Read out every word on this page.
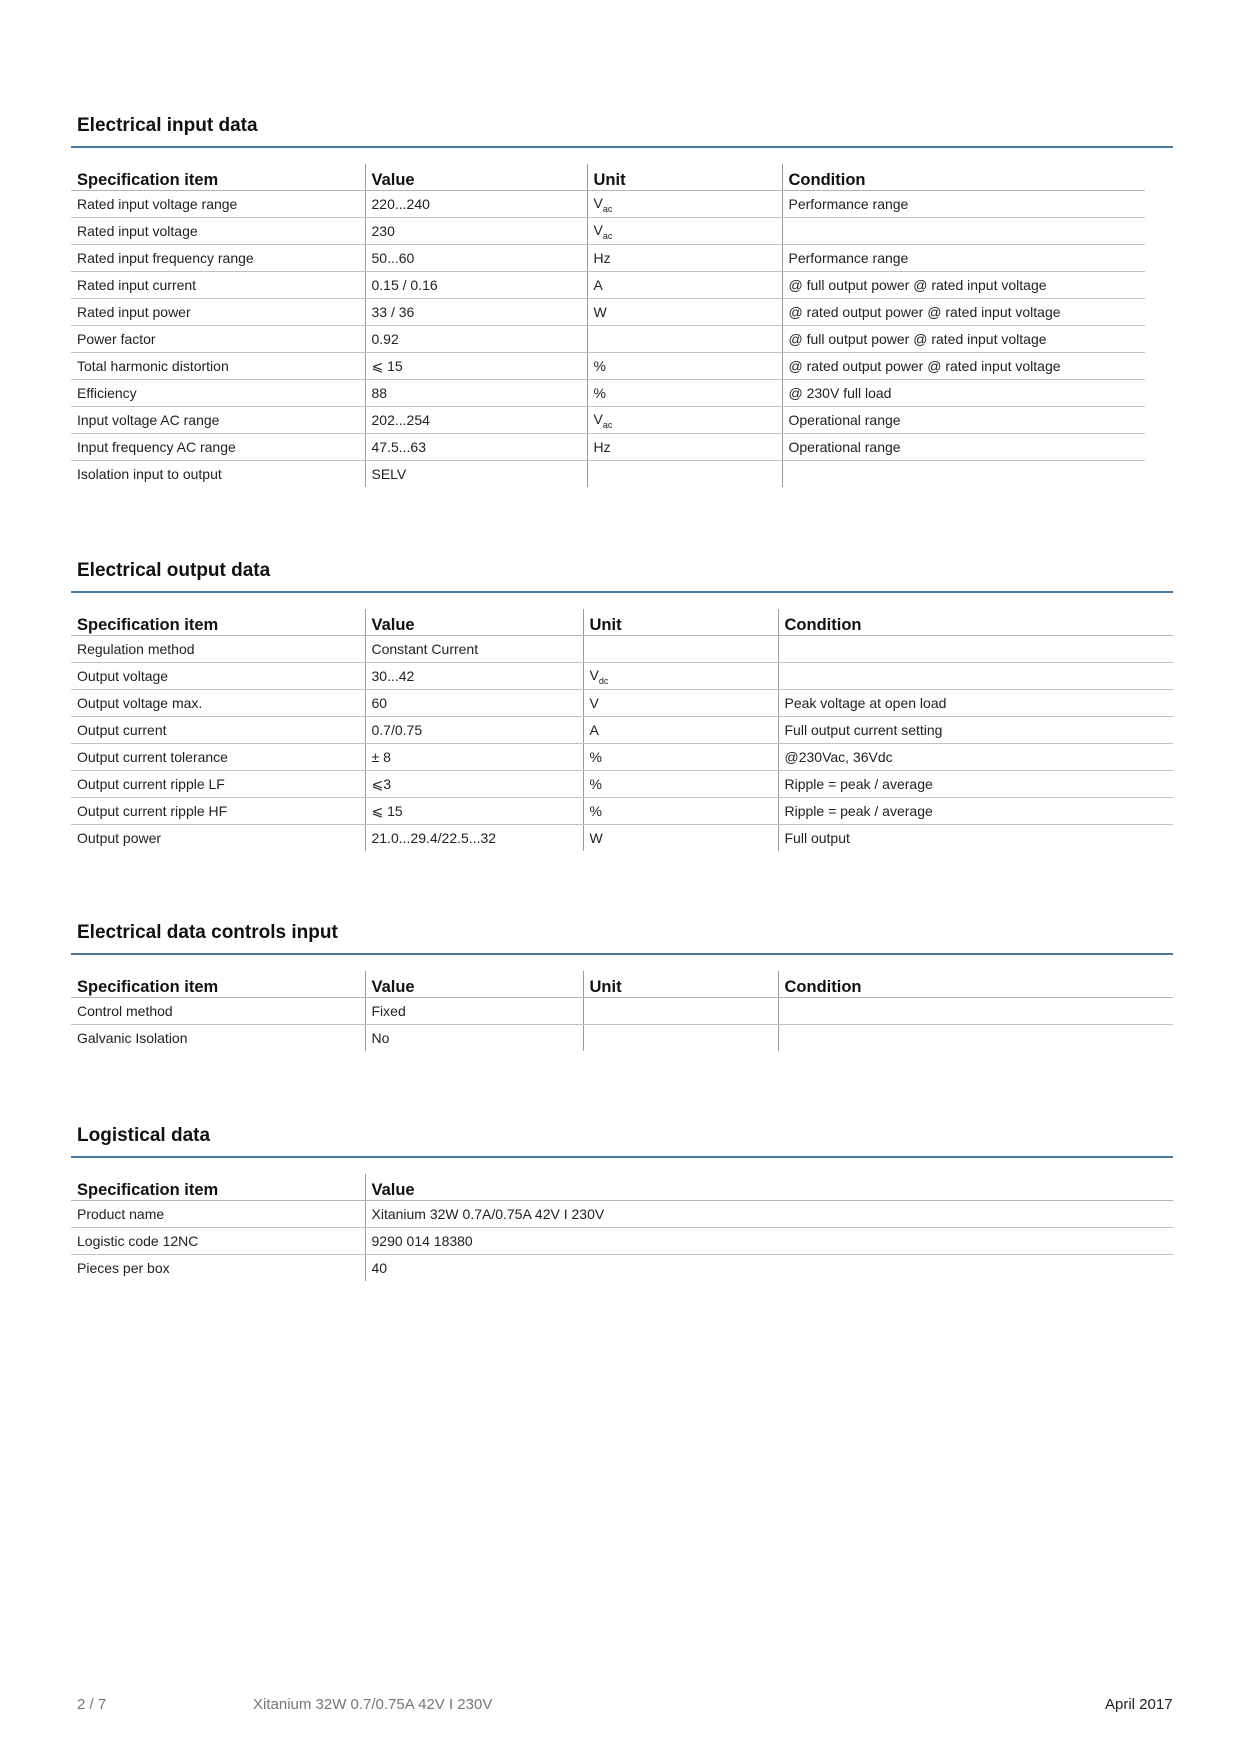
Electrical input data
Specification item	Value	Unit	Condition
Rated input voltage range	220...240	$V_{ac}$	Performance range
Rated input voltage	230	$V_{ac}$	
Rated input frequency range	50...60	Hz	Performance range
Rated input current	0.15 / 0.16	A	@ full output power @ rated input voltage
Rated input power	33 / 36	W	@ rated output power @ rated input voltage
Power factor	0.92		@ full output power @ rated input voltage
Total harmonic distortion	⩽ 15	%	@ rated output power @ rated input voltage
Efficiency	88	%	@ 230V full load
Input voltage AC range	202...254	$V_{ac}$	Operational range
Input frequency AC range	47.5...63	Hz	Operational range
Isolation input to output	SELV		
Electrical output data
Specification item	Value	Unit	Condition
Regulation method	Constant Current		
Output voltage	30...42	$V_{dc}$	
Output voltage max.	60	V	Peak voltage at open load
Output current	0.7/0.75	A	Full output current setting
Output current tolerance	± 8	%	@230Vac, 36Vdc
Output current ripple LF	⩽3	%	Ripple = peak / average
Output current ripple HF	⩽ 15	%	Ripple = peak / average
Output power	21.0...29.4/22.5...32	W	Full output
Electrical data controls input
Specification item	Value	Unit	Condition
Control method	Fixed		
Galvanic Isolation	No		
Logistical data
Specification item	Value
Product name	Xitanium 32W 0.7A/0.75A 42V I 230V
Logistic code 12NC	9290 014 18380
Pieces per box	40
2 / 7	Xitanium 32W 0.7/0.75A 42V I 230V	April 2017
